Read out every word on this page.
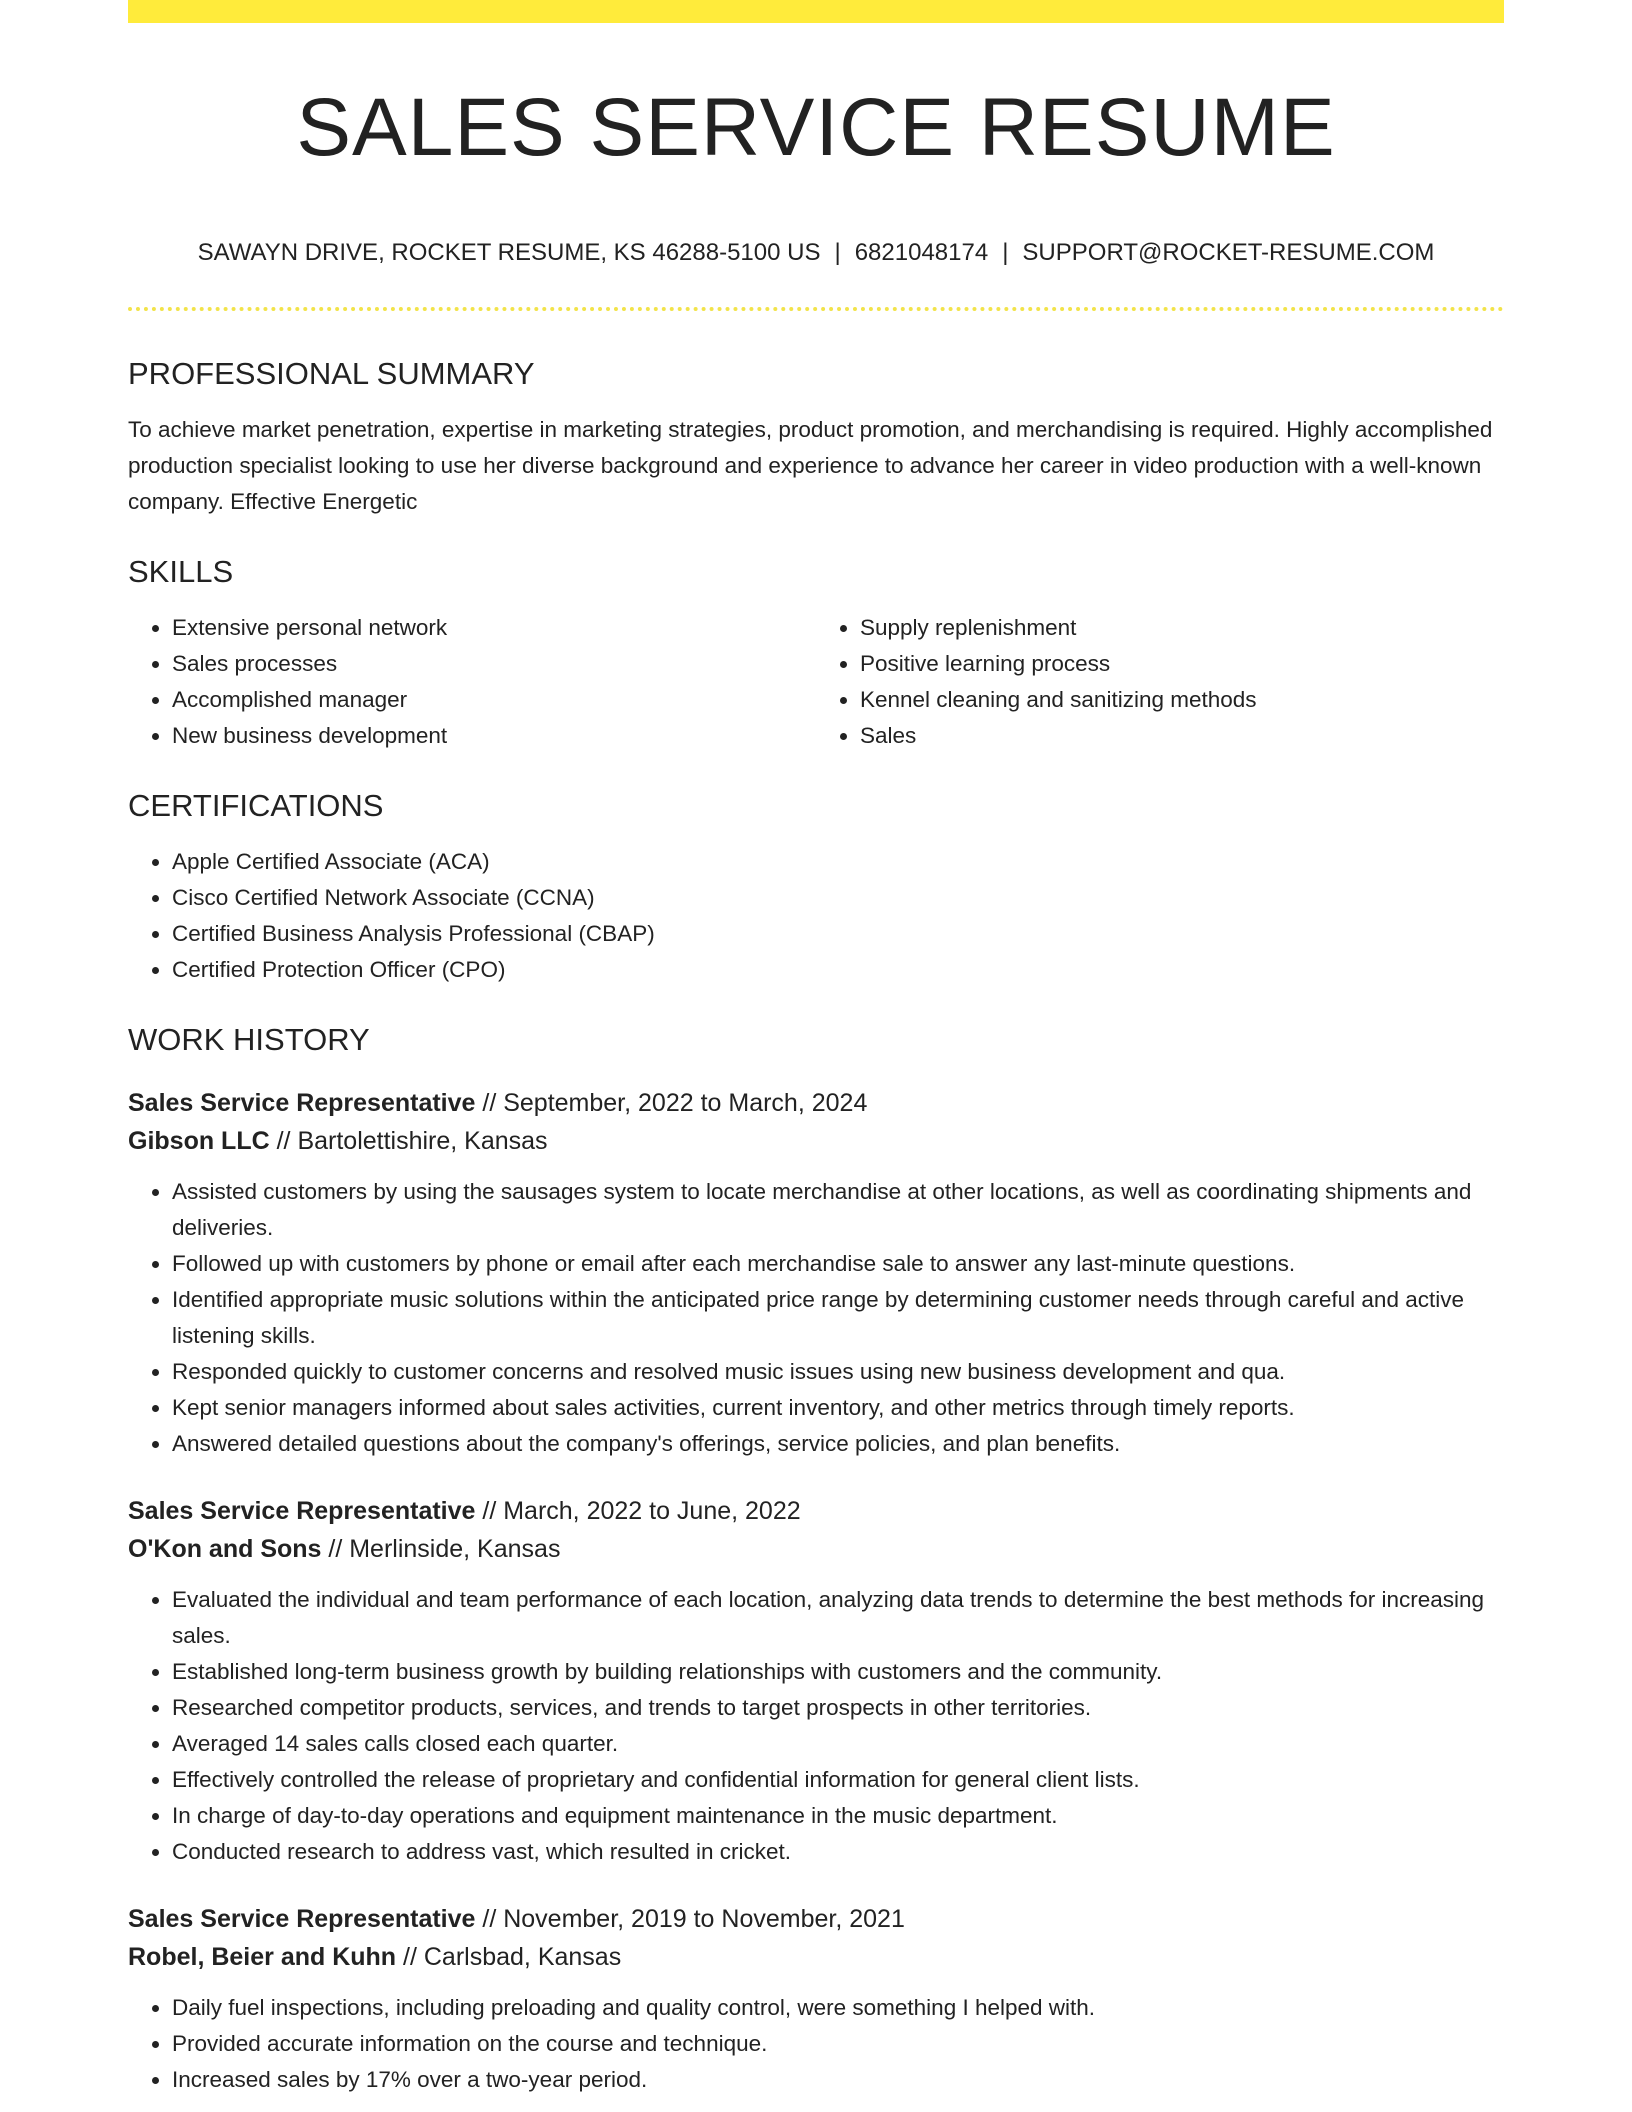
SALES SERVICE RESUME
SAWAYN DRIVE, ROCKET RESUME, KS 46288-5100 US | 6821048174 | SUPPORT@ROCKET-RESUME.COM
PROFESSIONAL SUMMARY

To achieve market penetration, expertise in marketing strategies, product promotion, and merchandising is required. Highly accomplished production specialist looking to use her diverse background and experience to advance her career in video production with a well-known company. Effective Energetic

SKILLS
• Extensive personal network
• Sales processes
• Accomplished manager
• New business development
• Supply replenishment
• Positive learning process
• Kennel cleaning and sanitizing methods
• Sales
CERTIFICATIONS
• Apple Certified Associate (ACA)
• Cisco Certified Network Associate (CCNA)
• Certified Business Analysis Professional (CBAP)
• Certified Protection Officer (CPO)
WORK HISTORY
Sales Service Representative // September, 2022 to March, 2024
Gibson LLC // Bartolettishire, Kansas
• Assisted customers by using the sausages system to locate merchandise at other locations, as well as coordinating shipments and deliveries.
• Followed up with customers by phone or email after each merchandise sale to answer any last-minute questions.
• Identified appropriate music solutions within the anticipated price range by determining customer needs through careful and active listening skills.
• Responded quickly to customer concerns and resolved music issues using new business development and qua.
• Kept senior managers informed about sales activities, current inventory, and other metrics through timely reports.
• Answered detailed questions about the company's offerings, service policies, and plan benefits.
Sales Service Representative // March, 2022 to June, 2022
O'Kon and Sons // Merlinside, Kansas
• Evaluated the individual and team performance of each location, analyzing data trends to determine the best methods for increasing sales.
• Established long-term business growth by building relationships with customers and the community.
• Researched competitor products, services, and trends to target prospects in other territories.
• Averaged 14 sales calls closed each quarter.
• Effectively controlled the release of proprietary and confidential information for general client lists.
• In charge of day-to-day operations and equipment maintenance in the music department.
• Conducted research to address vast, which resulted in cricket.
Sales Service Representative // November, 2019 to November, 2021
Robel, Beier and Kuhn // Carlsbad, Kansas
• Daily fuel inspections, including preloading and quality control, were something I helped with.
• Provided accurate information on the course and technique.
• Increased sales by 17% over a two-year period.
